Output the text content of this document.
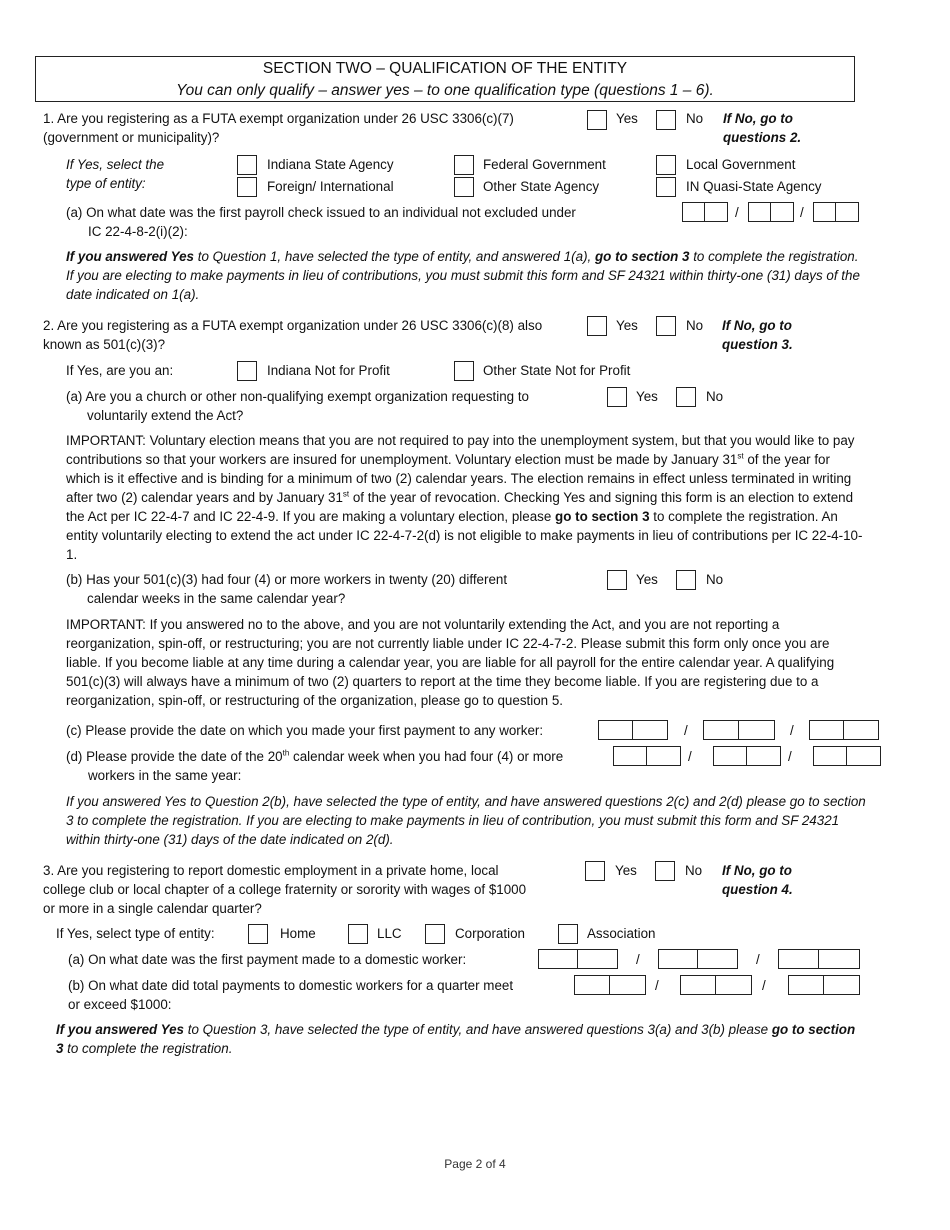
SECTION TWO – QUALIFICATION OF THE ENTITY
You can only qualify – answer yes – to one qualification type (questions 1 – 6).
1. Are you registering as a FUTA exempt organization under 26 USC 3306(c)(7)
(government or municipality)?
Yes	No If No, go to
questions 2.
If Yes, select the
type of entity:
Indiana State Agency	Federal Government	Local Government
Foreign/ International	Other State Agency	IN Quasi-State Agency
(a) On what date was the first payroll check issued to an individual not excluded under
IC 22-4-8-2(i)(2):
/	/
If you answered Yes to Question 1, have selected the type of entity, and answered 1(a), go to section 3 to complete the registration. If you are electing to make payments in lieu of contributions, you must submit this form and SF 24321 within thirty-one (31) days of the date indicated on 1(a).
2. Are you registering as a FUTA exempt organization under 26 USC 3306(c)(8) also
known as 501(c)(3)?
Yes	No If No, go to
question 3.
If Yes, are you an:	Indiana Not for Profit	Other State Not for Profit
(a) Are you a church or other non-qualifying exempt organization requesting to
voluntarily extend the Act?
Yes	No
IMPORTANT: Voluntary election means that you are not required to pay into the unemployment system, but that you would like to pay contributions so that your workers are insured for unemployment. Voluntary election must be made by January 31st of the year for which is it effective and is binding for a minimum of two (2) calendar years. The election remains in effect unless terminated in writing after two (2) calendar years and by January 31st of the year of revocation. Checking Yes and signing this form is an election to extend the Act per IC 22-4-7 and IC 22-4-9. If you are making a voluntary election, please go to section 3 to complete the registration. An entity voluntarily electing to extend the act under IC 22-4-7-2(d) is not eligible to make payments in lieu of contributions per IC 22-4-10-1.
(b) Has your 501(c)(3) had four (4) or more workers in twenty (20) different
calendar weeks in the same calendar year?
Yes	No
IMPORTANT: If you answered no to the above, and you are not voluntarily extending the Act, and you are not reporting a reorganization, spin-off, or restructuring; you are not currently liable under IC 22-4-7-2. Please submit this form only once you are liable. If you become liable at any time during a calendar year, you are liable for all payroll for the entire calendar year. A qualifying 501(c)(3) will always have a minimum of two (2) quarters to report at the time they become liable. If you are registering due to a reorganization, spin-off, or restructuring of the organization, please go to question 5.
(c) Please provide the date on which you made your first payment to any worker:	/	/
(d) Please provide the date of the 20th calendar week when you had four (4) or more
workers in the same year:
/	/
If you answered Yes to Question 2(b), have selected the type of entity, and have answered questions 2(c) and 2(d) please go to section 3 to complete the registration. If you are electing to make payments in lieu of contribution, you must submit this form and SF 24321 within thirty-one (31) days of the date indicated on 2(d).
3. Are you registering to report domestic employment in a private home, local
college club or local chapter of a college fraternity or sorority with wages of $1000
or more in a single calendar quarter?
Yes	No If No, go to
question 4.
If Yes, select type of entity:	Home	LLC	Corporation	Association
(a) On what date was the first payment made to a domestic worker:	/	/
(b) On what date did total payments to domestic workers for a quarter meet
or exceed $1000:
/	/
If you answered Yes to Question 3, have selected the type of entity, and have answered questions 3(a) and 3(b) please go to section 3 to complete the registration.
Page 2 of 4
